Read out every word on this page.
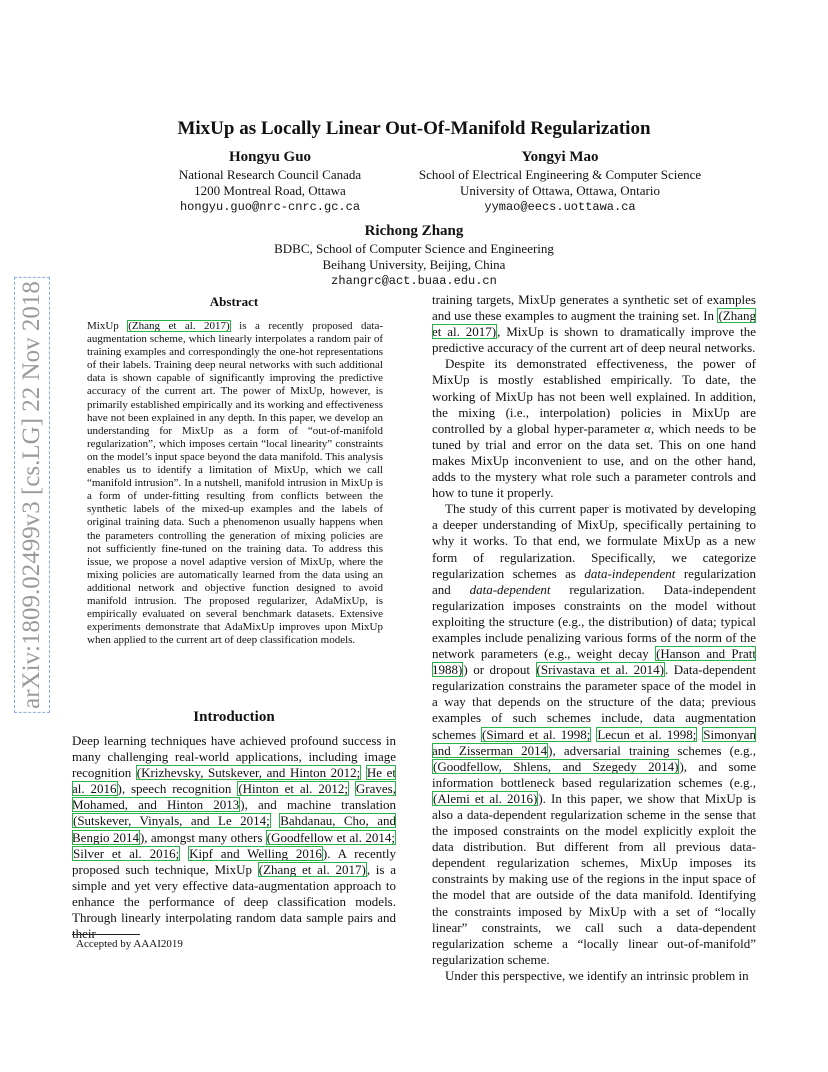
arXiv:1809.02499v3 [cs.LG] 22 Nov 2018
MixUp as Locally Linear Out-Of-Manifold Regularization
Hongyu Guo
National Research Council Canada
1200 Montreal Road, Ottawa
hongyu.guo@nrc-cnrc.gc.ca
Yongyi Mao
School of Electrical Engineering & Computer Science
University of Ottawa, Ottawa, Ontario
yymao@eecs.uottawa.ca
Richong Zhang
BDBC, School of Computer Science and Engineering
Beihang University, Beijing, China
zhangrc@act.buaa.edu.cn
Abstract
MixUp (Zhang et al. 2017) is a recently proposed data-augmentation scheme, which linearly interpolates a random pair of training examples and correspondingly the one-hot representations of their labels. Training deep neural networks with such additional data is shown capable of significantly improving the predictive accuracy of the current art. The power of MixUp, however, is primarily established empirically and its working and effectiveness have not been explained in any depth. In this paper, we develop an understanding for MixUp as a form of “out-of-manifold regularization”, which imposes certain “local linearity” constraints on the model’s input space beyond the data manifold. This analysis enables us to identify a limitation of MixUp, which we call “manifold intrusion”. In a nutshell, manifold intrusion in MixUp is a form of under-fitting resulting from conflicts between the synthetic labels of the mixed-up examples and the labels of original training data. Such a phenomenon usually happens when the parameters controlling the generation of mixing policies are not sufficiently fine-tuned on the training data. To address this issue, we propose a novel adaptive version of MixUp, where the mixing policies are automatically learned from the data using an additional network and objective function designed to avoid manifold intrusion. The proposed regularizer, AdaMixUp, is empirically evaluated on several benchmark datasets. Extensive experiments demonstrate that AdaMixUp improves upon MixUp when applied to the current art of deep classification models.
Introduction

Deep learning techniques have achieved profound success in many challenging real-world applications, including image recognition (Krizhevsky, Sutskever, and Hinton 2012; He et al. 2016), speech recognition (Hinton et al. 2012; Graves, Mohamed, and Hinton 2013), and machine translation (Sutskever, Vinyals, and Le 2014; Bahdanau, Cho, and Bengio 2014), amongst many others (Goodfellow et al. 2014; Silver et al. 2016; Kipf and Welling 2016). A recently proposed such technique, MixUp (Zhang et al. 2017), is a simple and yet very effective data-augmentation approach to enhance the performance of deep classification models. Through linearly interpolating random data sample pairs and their

Accepted by AAAI2019

training targets, MixUp generates a synthetic set of examples and use these examples to augment the training set. In (Zhang et al. 2017), MixUp is shown to dramatically improve the predictive accuracy of the current art of deep neural networks.

Despite its demonstrated effectiveness, the power of MixUp is mostly established empirically. To date, the working of MixUp has not been well explained. In addition, the mixing (i.e., interpolation) policies in MixUp are controlled by a global hyper-parameter α, which needs to be tuned by trial and error on the data set. This on one hand makes MixUp inconvenient to use, and on the other hand, adds to the mystery what role such a parameter controls and how to tune it properly.

The study of this current paper is motivated by developing a deeper understanding of MixUp, specifically pertaining to why it works. To that end, we formulate MixUp as a new form of regularization. Specifically, we categorize regularization schemes as data-independent regularization and data-dependent regularization. Data-independent regularization imposes constraints on the model without exploiting the structure (e.g., the distribution) of data; typical examples include penalizing various forms of the norm of the network parameters (e.g., weight decay (Hanson and Pratt 1988)) or dropout (Srivastava et al. 2014). Data-dependent regularization constrains the parameter space of the model in a way that depends on the structure of the data; previous examples of such schemes include, data augmentation schemes (Simard et al. 1998; Lecun et al. 1998; Simonyan and Zisserman 2014), adversarial training schemes (e.g., (Goodfellow, Shlens, and Szegedy 2014)), and some information bottleneck based regularization schemes (e.g., (Alemi et al. 2016)). In this paper, we show that MixUp is also a data-dependent regularization scheme in the sense that the imposed constraints on the model explicitly exploit the data distribution. But different from all previous data-dependent regularization schemes, MixUp imposes its constraints by making use of the regions in the input space of the model that are outside of the data manifold. Identifying the constraints imposed by MixUp with a set of “locally linear” constraints, we call such a data-dependent regularization scheme a “locally linear out-of-manifold” regularization scheme.

Under this perspective, we identify an intrinsic problem in
